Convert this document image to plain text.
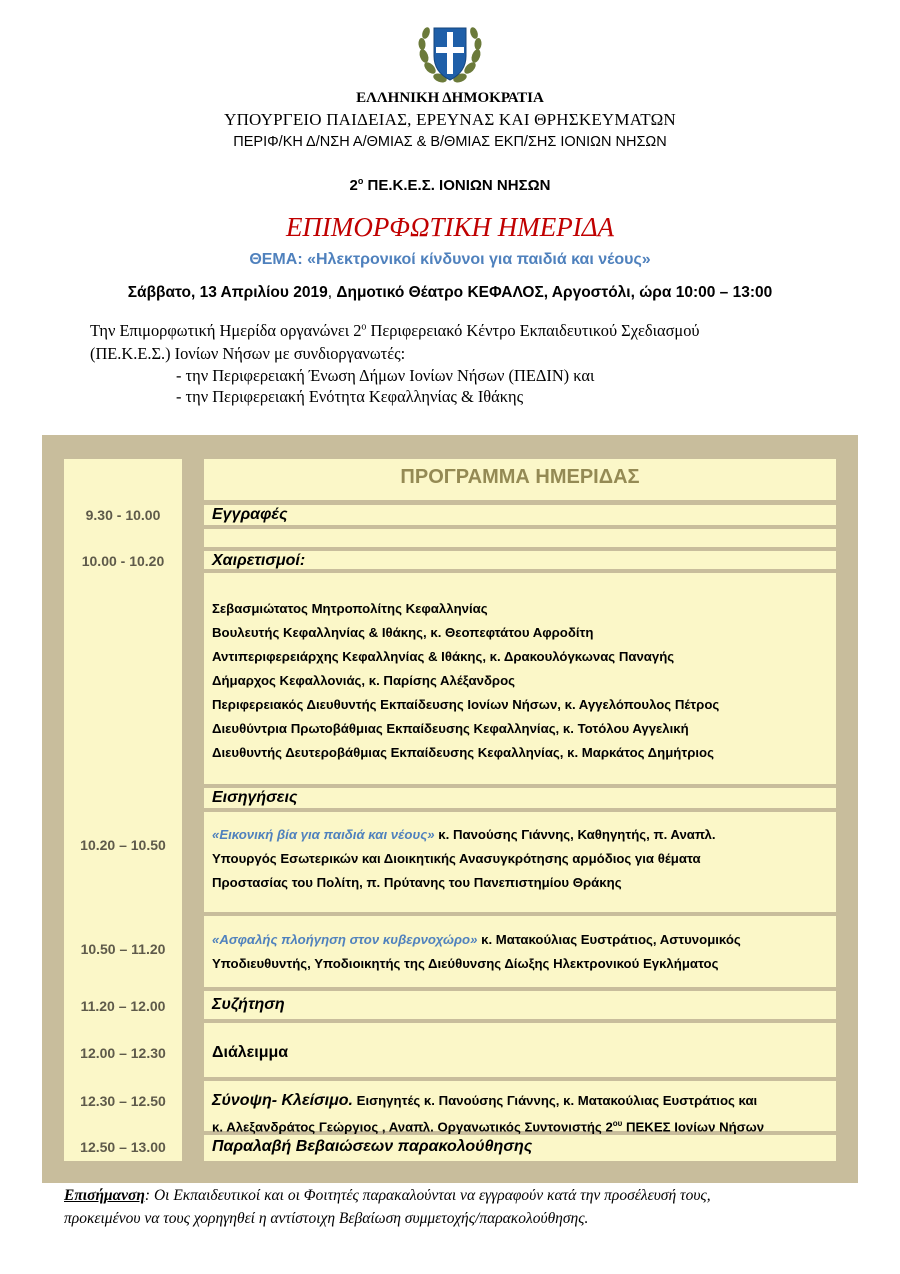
ΕΛΛΗΝΙΚΗ ΔΗΜΟΚΡΑΤΙΑ
ΥΠΟΥΡΓΕΙΟ ΠΑΙΔΕΙΑΣ, ΕΡΕΥΝΑΣ ΚΑΙ ΘΡΗΣΚΕΥΜΑΤΩΝ
ΠΕΡΙΦ/ΚΗ Δ/ΝΣΗ Α/ΘΜΙΑΣ & Β/ΘΜΙΑΣ ΕΚΠ/ΣΗΣ ΙΟΝΙΩΝ ΝΗΣΩΝ
$2^o$ ΠΕ.Κ.Ε.Σ. ΙΟΝΙΩΝ ΝΗΣΩΝ
ΕΠΙΜΟΡΦΩΤΙΚΗ ΗΜΕΡΙΔΑ
ΘΕΜΑ: «Ηλεκτρονικοί κίνδυνοι για παιδιά και νέους»
Σάββατο, 13 Απριλίου 2019, Δημοτικό Θέατρο ΚΕΦΑΛΟΣ, Αργοστόλι, ώρα 10:00 – 13:00
Την Επιμορφωτική Ημερίδα οργανώνει $2^o$ Περιφερειακό Κέντρο Εκπαιδευτικού Σχεδιασμού
(ΠΕ.Κ.Ε.Σ.) Ιονίων Νήσων με συνδιοργανωτές:
- την Περιφερειακή Ένωση Δήμων Ιονίων Νήσων (ΠΕΔΙΝ) και
- την Περιφερειακή Ενότητα Κεφαλληνίας & Ιθάκης
ΠΡΟΓΡΑΜΜΑ ΗΜΕΡΙΔΑΣ
9.30 - 10.00
10.00 - 10.20
10.20 – 10.50
10.50 – 11.20
11.20 – 12.00
12.00 – 12.30
12.30 – 12.50
12.50 – 13.00
Εγγραφές
Χαιρετισμοί:
Σεβασμιώτατος Μητροπολίτης Κεφαλληνίας
Βουλευτής Κεφαλληνίας & Ιθάκης, κ. Θεοπεφτάτου Αφροδίτη
Αντιπεριφερειάρχης Κεφαλληνίας & Ιθάκης, κ. Δρακουλόγκωνας Παναγής
Δήμαρχος Κεφαλλονιάς, κ. Παρίσης Αλέξανδρος
Περιφερειακός Διευθυντής Εκπαίδευσης Ιονίων Νήσων, κ. Αγγελόπουλος Πέτρος
Διευθύντρια Πρωτοβάθμιας Εκπαίδευσης Κεφαλληνίας, κ. Τοτόλου Αγγελική
Διευθυντής Δευτεροβάθμιας Εκπαίδευσης Κεφαλληνίας, κ. Μαρκάτος Δημήτριος
Εισηγήσεις
«Εικονική βία για παιδιά και νέους» κ. Πανούσης Γιάννης, Καθηγητής, π. Αναπλ.
Υπουργός Εσωτερικών και Διοικητικής Ανασυγκρότησης αρμόδιος για θέματα
Προστασίας του Πολίτη, π. Πρύτανης του Πανεπιστημίου Θράκης
«Ασφαλής πλοήγηση στον κυβερνοχώρο» κ. Ματακούλιας Ευστράτιος, Αστυνομικός
Υποδιευθυντής, Υποδιοικητής της Διεύθυνσης Δίωξης Ηλεκτρονικού Εγκλήματος
Συζήτηση
Διάλειμμα
Σύνοψη- Κλείσιμο. Εισηγητές κ. Πανούσης Γιάννης, κ. Ματακούλιας Ευστράτιος και
κ. Αλεξανδράτος Γεώργιος , Αναπλ. Οργανωτικός Συντονιστής $2^{o\upsilon}$ ΠΕΚΕΣ Ιονίων Νήσων
Παραλαβή Βεβαιώσεων παρακολούθησης
Επισήμανση: Οι Εκπαιδευτικοί και οι Φοιτητές παρακαλούνται να εγγραφούν κατά την προσέλευσή τους,
προκειμένου να τους χορηγηθεί η αντίστοιχη Βεβαίωση συμμετοχής/παρακολούθησης.
